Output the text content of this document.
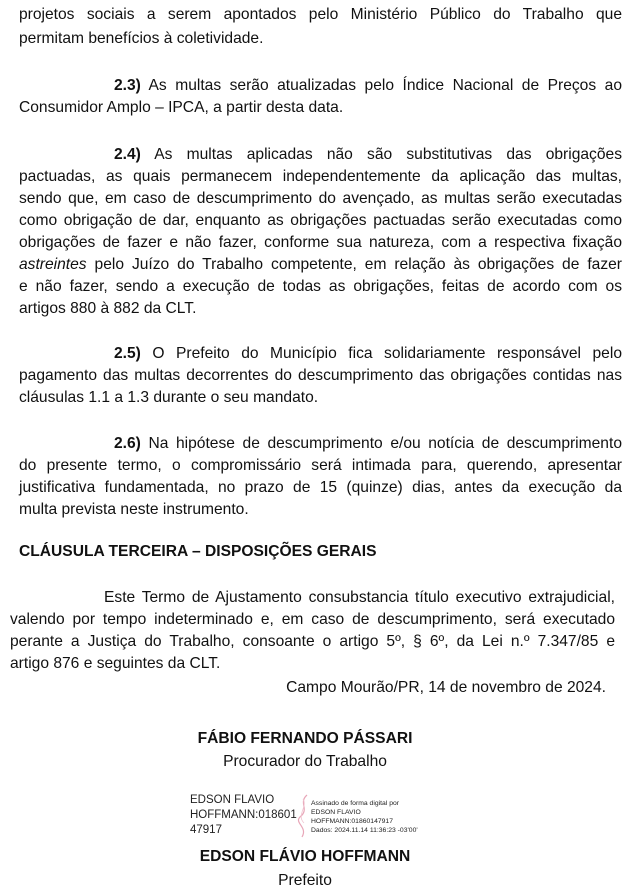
projetos sociais a serem apontados pelo Ministério Público do Trabalho que
permitam benefícios à coletividade.
2.3) As multas serão atualizadas pelo Índice Nacional de Preços ao
Consumidor Amplo – IPCA, a partir desta data.
2.4) As multas aplicadas não são substitutivas das obrigações
pactuadas, as quais permanecem independentemente da aplicação das multas,
sendo que, em caso de descumprimento do avençado, as multas serão executadas
como obrigação de dar, enquanto as obrigações pactuadas serão executadas como
obrigações de fazer e não fazer, conforme sua natureza, com a respectiva fixação
astreintes pelo Juízo do Trabalho competente, em relação às obrigações de fazer
e não fazer, sendo a execução de todas as obrigações, feitas de acordo com os
artigos 880 à 882 da CLT.
2.5) O Prefeito do Município fica solidariamente responsável pelo
pagamento das multas decorrentes do descumprimento das obrigações contidas nas
cláusulas 1.1 a 1.3 durante o seu mandato.
2.6) Na hipótese de descumprimento e/ou notícia de descumprimento
do presente termo, o compromissário será intimada para, querendo, apresentar
justificativa fundamentada, no prazo de 15 (quinze) dias, antes da execução da
multa prevista neste instrumento.
CLÁUSULA TERCEIRA – DISPOSIÇÕES GERAIS
Este Termo de Ajustamento consubstancia título executivo extrajudicial,
valendo por tempo indeterminado e, em caso de descumprimento, será executado
perante a Justiça do Trabalho, consoante o artigo 5º, § 6º, da Lei n.º 7.347/85 e
artigo 876 e seguintes da CLT.
Campo Mourão/PR, 14 de novembro de 2024.
FÁBIO FERNANDO PÁSSARI
Procurador do Trabalho
EDSON FLAVIO
HOFFMANN:018601
47917
Assinado de forma digital por
EDSON FLAVIO
HOFFMANN:01860147917
Dados: 2024.11.14 11:36:23 -03'00'
EDSON FLÁVIO HOFFMANN
Prefeito
